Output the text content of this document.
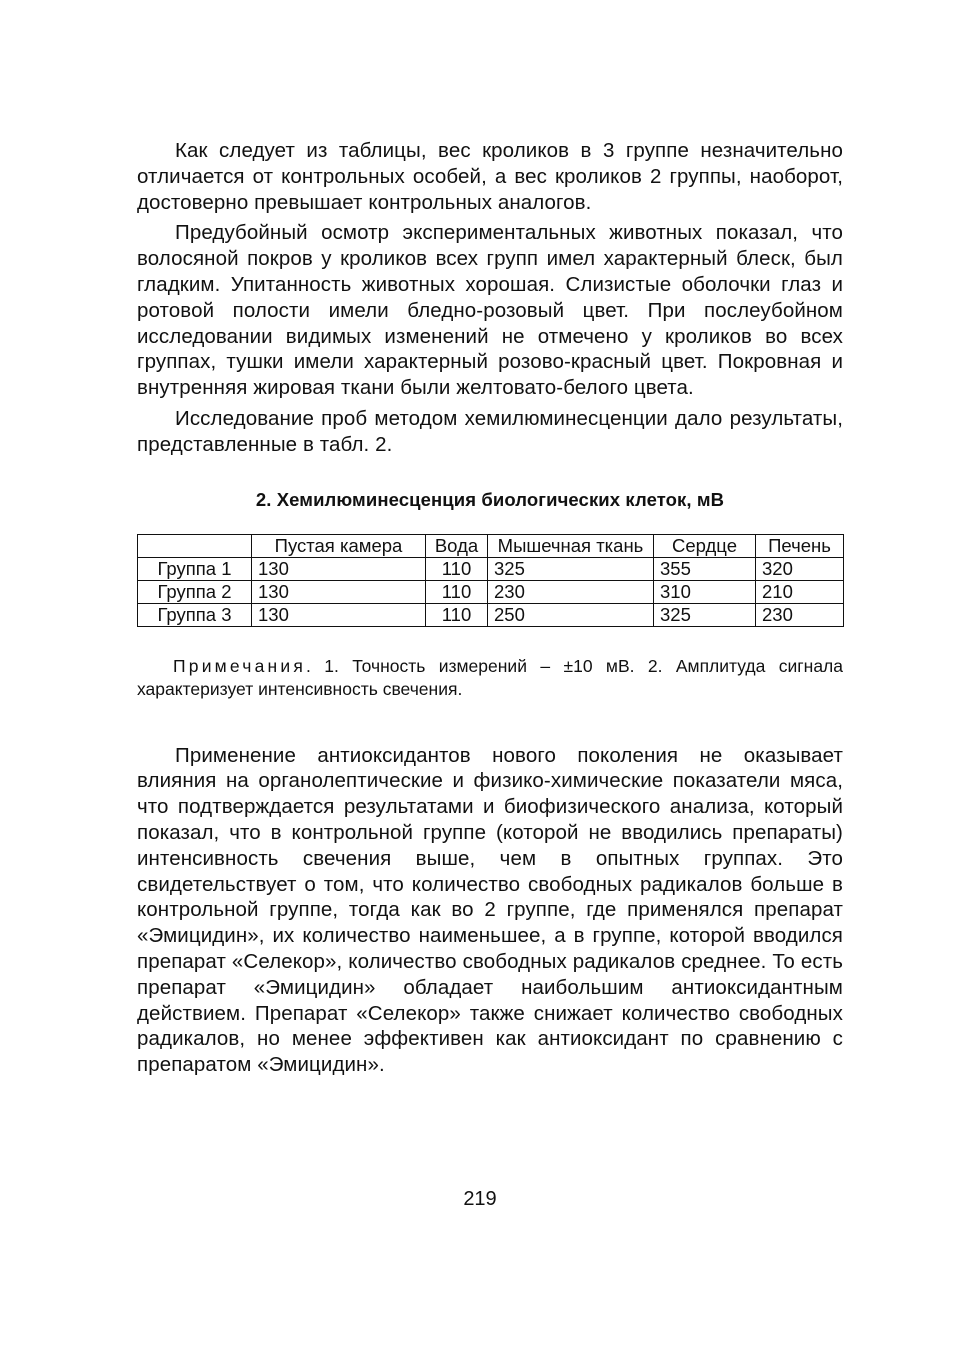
Как следует из таблицы, вес кроликов в 3 группе незначительно отличается от контрольных особей, а вес кроликов 2 группы, наоборот, достоверно превышает контрольных аналогов.

Предубойный осмотр экспериментальных животных показал, что волосяной покров у кроликов всех групп имел характерный блеск, был гладким. Упитанность животных хорошая. Слизистые оболочки глаз и ротовой полости имели бледно-розовый цвет. При послеубойном исследовании видимых изменений не отмечено у кроликов во всех группах, тушки имели характерный розово-красный цвет. Покровная и внутренняя жировая ткани были желтовато-белого цвета.

Исследование проб методом хемилюминесценции дало результаты, представленные в табл. 2.

2. Хемилюминесценция биологических клеток, мВ
	Пустая камера	Вода	Мышечная ткань	Сердце	Печень
Группа 1	130	110	325	355	320
Группа 2	130	110	230	310	210
Группа 3	130	110	250	325	230

Примечания. 1. Точность измерений – ±10 мВ. 2. Амплитуда сигнала характеризует интенсивность свечения.

Применение антиоксидантов нового поколения не оказывает влияния на органолептические и физико-химические показатели мяса, что подтверждается результатами и биофизического анализа, который показал, что в контрольной группе (которой не вводились препараты) интенсивность свечения выше, чем в опытных группах. Это свидетельствует о том, что количество свободных радикалов больше в контрольной группе, тогда как во 2 группе, где применялся препарат «Эмицидин», их количество наименьшее, а в группе, которой вводился препарат «Селекор», количество свободных радикалов среднее. То есть препарат «Эмицидин» обладает наибольшим антиоксидантным действием. Препарат «Селекор» также снижает количество свободных радикалов, но менее эффективен как антиоксидант по сравнению с препаратом «Эмицидин».

219
